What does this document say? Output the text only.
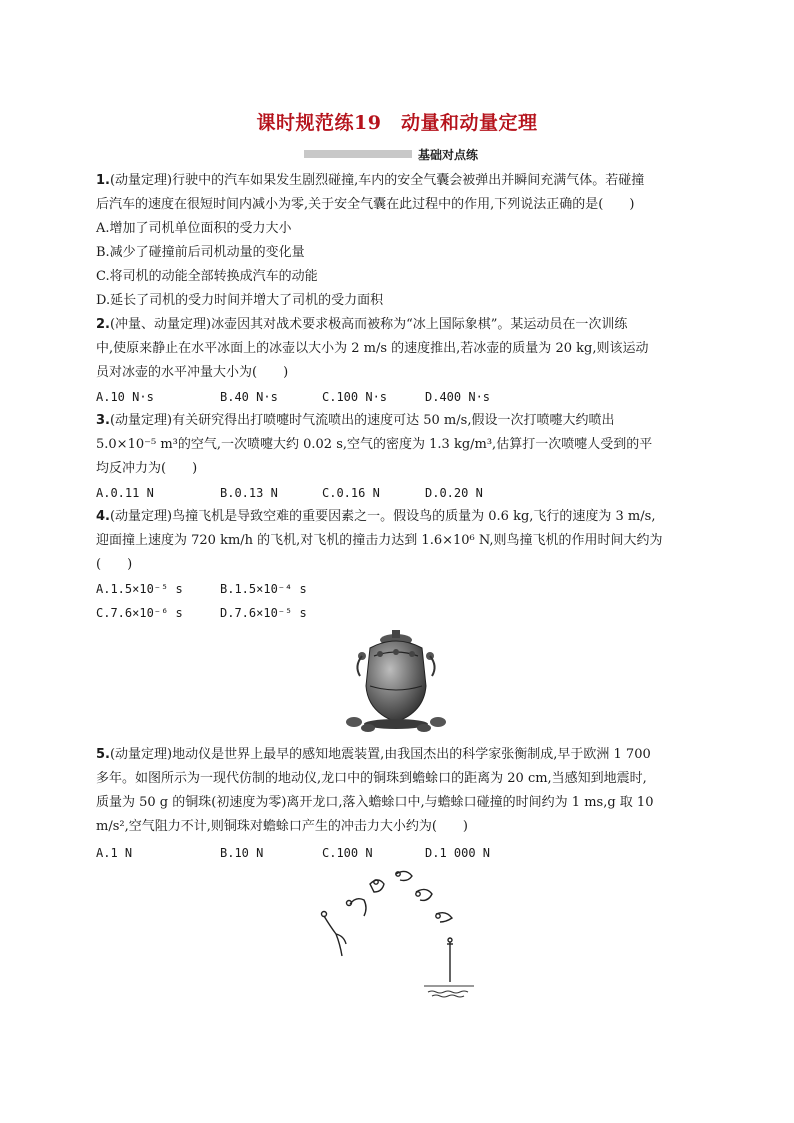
课时规范练19　动量和动量定理
基础对点练
1.(动量定理)行驶中的汽车如果发生剧烈碰撞,车内的安全气囊会被弹出并瞬间充满气体。若碰撞
后汽车的速度在很短时间内减小为零,关于安全气囊在此过程中的作用,下列说法正确的是(　　)
A.增加了司机单位面积的受力大小
B.减少了碰撞前后司机动量的变化量
C.将司机的动能全部转换成汽车的动能
D.延长了司机的受力时间并增大了司机的受力面积
2.(冲量、动量定理)冰壶因其对战术要求极高而被称为“冰上国际象棋”。某运动员在一次训练
中,使原来静止在水平冰面上的冰壶以大小为 2 m/s 的速度推出,若冰壶的质量为 20 kg,则该运动
员对冰壶的水平冲量大小为(　　)
A.10 N·s	B.40 N·s	C.100 N·s	D.400 N·s
3.(动量定理)有关研究得出打喷嚏时气流喷出的速度可达 50 m/s,假设一次打喷嚏大约喷出
5.0×10⁻⁵ m³的空气,一次喷嚏大约 0.02 s,空气的密度为 1.3 kg/m³,估算打一次喷嚏人受到的平
均反冲力为(　　)
A.0.11 N	B.0.13 N	C.0.16 N	D.0.20 N
4.(动量定理)鸟撞飞机是导致空难的重要因素之一。假设鸟的质量为 0.6 kg,飞行的速度为 3 m/s,
迎面撞上速度为 720 km/h 的飞机,对飞机的撞击力达到 1.6×10⁶ N,则鸟撞飞机的作用时间大约为
(　　)
A.1.5×10⁻⁵ s	B.1.5×10⁻⁴ s
C.7.6×10⁻⁶ s	D.7.6×10⁻⁵ s
5.(动量定理)地动仪是世界上最早的感知地震装置,由我国杰出的科学家张衡制成,早于欧洲 1 700
多年。如图所示为一现代仿制的地动仪,龙口中的铜珠到蟾蜍口的距离为 20 cm,当感知到地震时,
质量为 50 g 的铜珠(初速度为零)离开龙口,落入蟾蜍口中,与蟾蜍口碰撞的时间约为 1 ms,g 取 10
m/s²,空气阻力不计,则铜珠对蟾蜍口产生的冲击力大小约为(　　)
A.1 N	B.10 N	C.100 N	D.1 000 N
